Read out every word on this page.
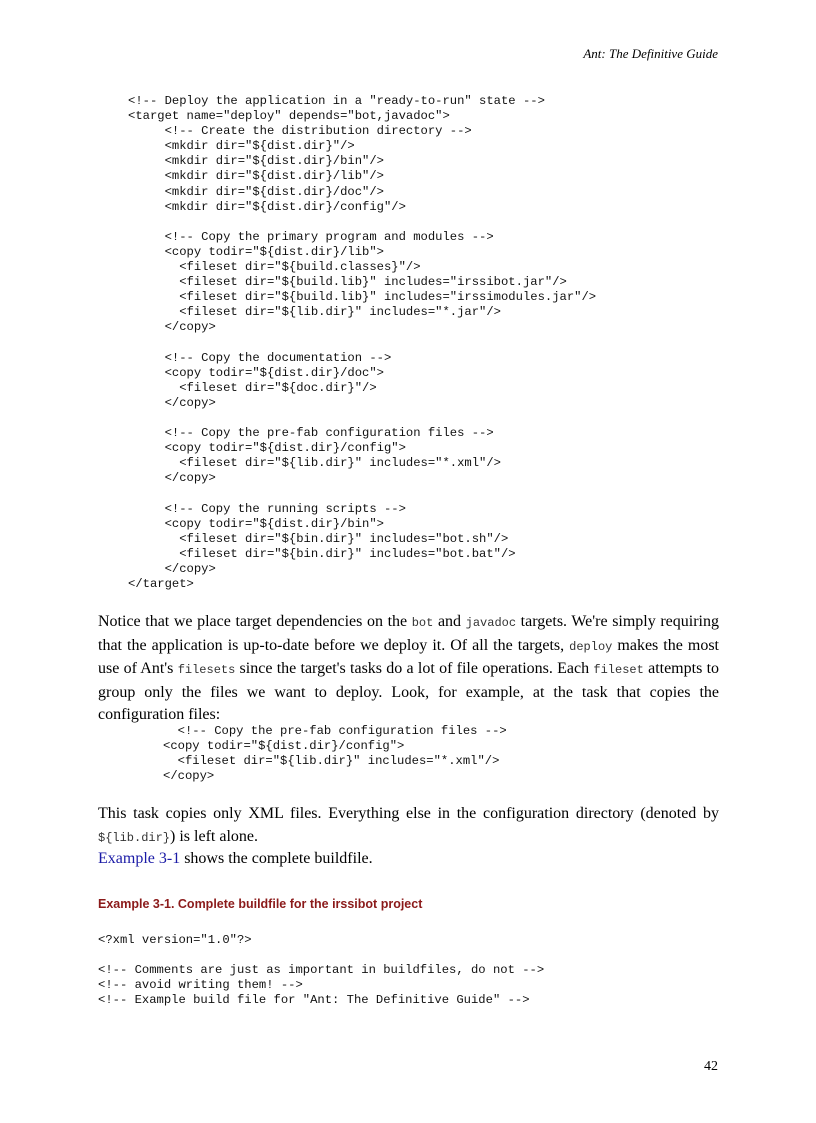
Ant: The Definitive Guide
<!-- Deploy the application in a "ready-to-run" state -->
<target name="deploy" depends="bot,javadoc">
<!-- Create the distribution directory -->
<mkdir dir="${dist.dir}"/>
<mkdir dir="${dist.dir}/bin"/>
<mkdir dir="${dist.dir}/lib"/>
<mkdir dir="${dist.dir}/doc"/>
<mkdir dir="${dist.dir}/config"/>

<!-- Copy the primary program and modules -->
<copy todir="${dist.dir}/lib">
<fileset dir="${build.classes}"/>
<fileset dir="${build.lib}" includes="irssibot.jar"/>
<fileset dir="${build.lib}" includes="irssimodules.jar"/>
<fileset dir="${lib.dir}" includes="*.jar"/>
</copy>

<!-- Copy the documentation -->
<copy todir="${dist.dir}/doc">
<fileset dir="${doc.dir}"/>
</copy>

<!-- Copy the pre-fab configuration files -->
<copy todir="${dist.dir}/config">
<fileset dir="${lib.dir}" includes="*.xml"/>
</copy>

<!-- Copy the running scripts -->
<copy todir="${dist.dir}/bin">
<fileset dir="${bin.dir}" includes="bot.sh"/>
<fileset dir="${bin.dir}" includes="bot.bat"/>
</copy>
</target>

Notice that we place target dependencies on the bot and javadoc targets. We're simply requiring that the application is up-to-date before we deploy it. Of all the targets, deploy makes the most use of Ant's filesets since the target's tasks do a lot of file operations. Each fileset attempts to group only the files we want to deploy. Look, for example, at the task that copies the configuration files:

<!-- Copy the pre-fab configuration files -->
<copy todir="${dist.dir}/config">
<fileset dir="${lib.dir}" includes="*.xml"/>
</copy>

This task copies only XML files. Everything else in the configuration directory (denoted by ${lib.dir}) is left alone.

Example 3-1 shows the complete buildfile.

Example 3-1. Complete buildfile for the irssibot project
<?xml version="1.0"?>

<!-- Comments are just as important in buildfiles, do not -->
<!-- avoid writing them! -->
<!-- Example build file for "Ant: The Definitive Guide" -->
42
